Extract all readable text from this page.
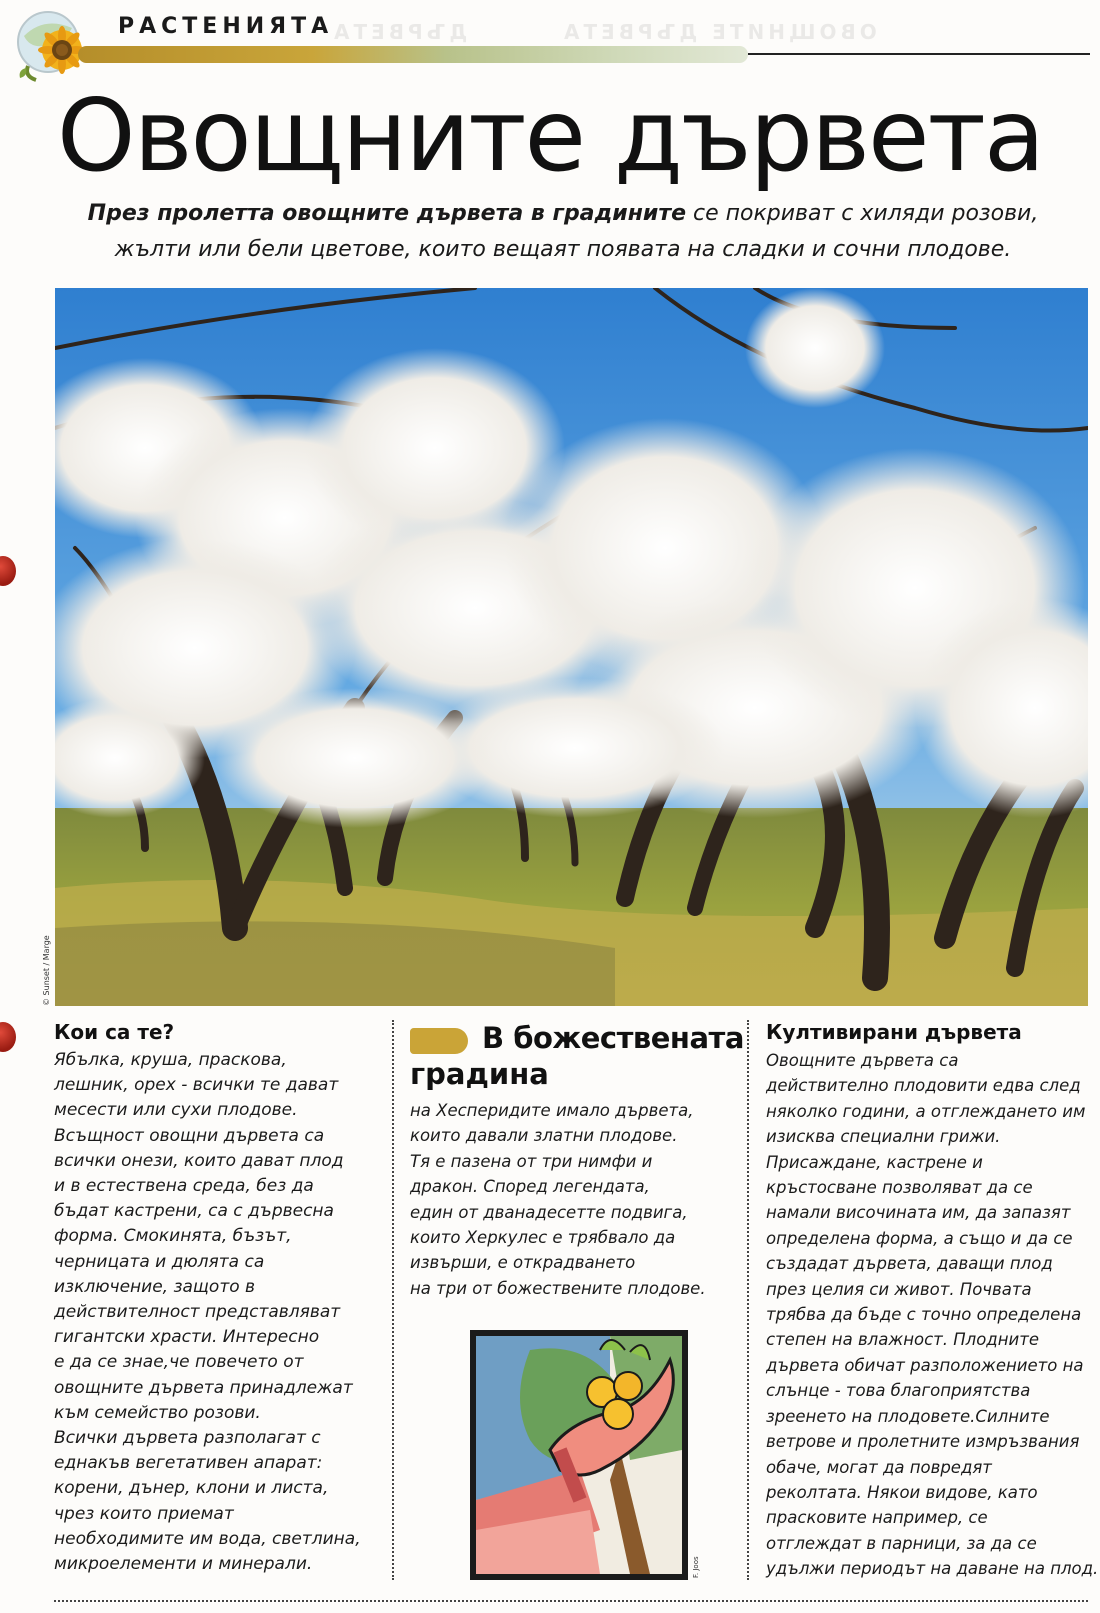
РАСТЕНИЯТА
ДЪРВЕТА	ОВОЩНИТЕ ДЪРВЕТА
Овощните дървета
През пролетта овощните дървета в градините се покриват с хиляди розови, жълти или бели цветове, които вещаят появата на сладки и сочни плодове.
© Sunset / Marge
Кои са те?
Ябълка, круша, праскова,
лешник, орех - всички те дават
месести или сухи плодове.
Всъщност овощни дървета са
всички онези, които дават плод
и в естествена среда, без да
бъдат кастрени, са с дървесна
форма. Смокинята, бъзът,
черницата и дюлята са
изключение, защото в
действителност представляват
гигантски храсти. Интересно
е да се знае,че повечето от
овощните дървета принадлежат
към семейство розови.
Всички дървета разполагат с
еднакъв вегетативен апарат:
корени, дънер, клони и листа,
чрез които приемат
необходимите им вода, светлина,
микроелементи и минерали.
В божествената
градина
на Хесперидите имало дървета,
които давали златни плодове.
Тя е пазена от три нимфи и
дракон. Според легендата,
един от дванадесетте подвига,
които Херкулес е трябвало да
извърши, е открадването
на три от божествените плодове.
F. Joos
Култивирани дървета
Овощните дървета са
действително плодовити едва след
няколко години, а отглеждането им
изисква специални грижи.
Присаждане, кастрене и
кръстосване позволяват да се
намали височината им, да запазят
определена форма, а също и да се
създадат дървета, даващи плод
през целия си живот. Почвата
трябва да бъде с точно определена
степен на влажност. Плодните
дървета обичат разположението на
слънце - това благоприятства
зреенето на плодовете.Силните
ветрове и пролетните измръзвания
обаче, могат да повредят
реколтата. Някои видове, като
прасковите например, се
отглеждат в парници, за да се
удължи периодът на даване на плод.
